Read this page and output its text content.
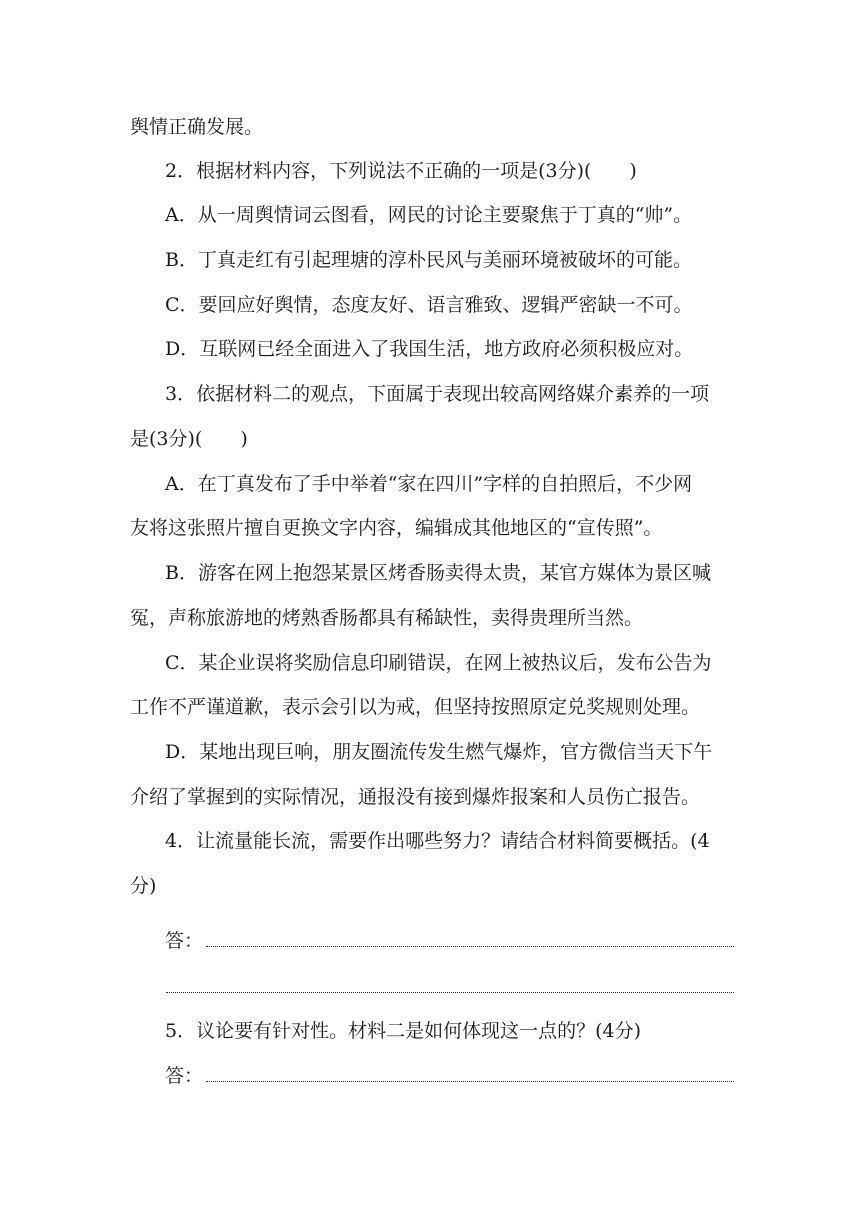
舆情正确发展。
2．根据材料内容，下列说法不正确的一项是(3分)(　　)
A．从一周舆情词云图看，网民的讨论主要聚焦于丁真的“帅”。
B．丁真走红有引起理塘的淳朴民风与美丽环境被破坏的可能。
C．要回应好舆情，态度友好、语言雅致、逻辑严密缺一不可。
D．互联网已经全面进入了我国生活，地方政府必须积极应对。
3．依据材料二的观点，下面属于表现出较高网络媒介素养的一项
是(3分)(　　)
A．在丁真发布了手中举着“家在四川”字样的自拍照后，不少网
友将这张照片擅自更换文字内容，编辑成其他地区的“宣传照”。
B．游客在网上抱怨某景区烤香肠卖得太贵，某官方媒体为景区喊
冤，声称旅游地的烤熟香肠都具有稀缺性，卖得贵理所当然。
C．某企业误将奖励信息印刷错误，在网上被热议后，发布公告为
工作不严谨道歉，表示会引以为戒，但坚持按照原定兑奖规则处理。
D．某地出现巨响，朋友圈流传发生燃气爆炸，官方微信当天下午
介绍了掌握到的实际情况，通报没有接到爆炸报案和人员伤亡报告。
4．让流量能长流，需要作出哪些努力？请结合材料简要概括。(4
分)
答：
5．议论要有针对性。材料二是如何体现这一点的？(4分)
答：
